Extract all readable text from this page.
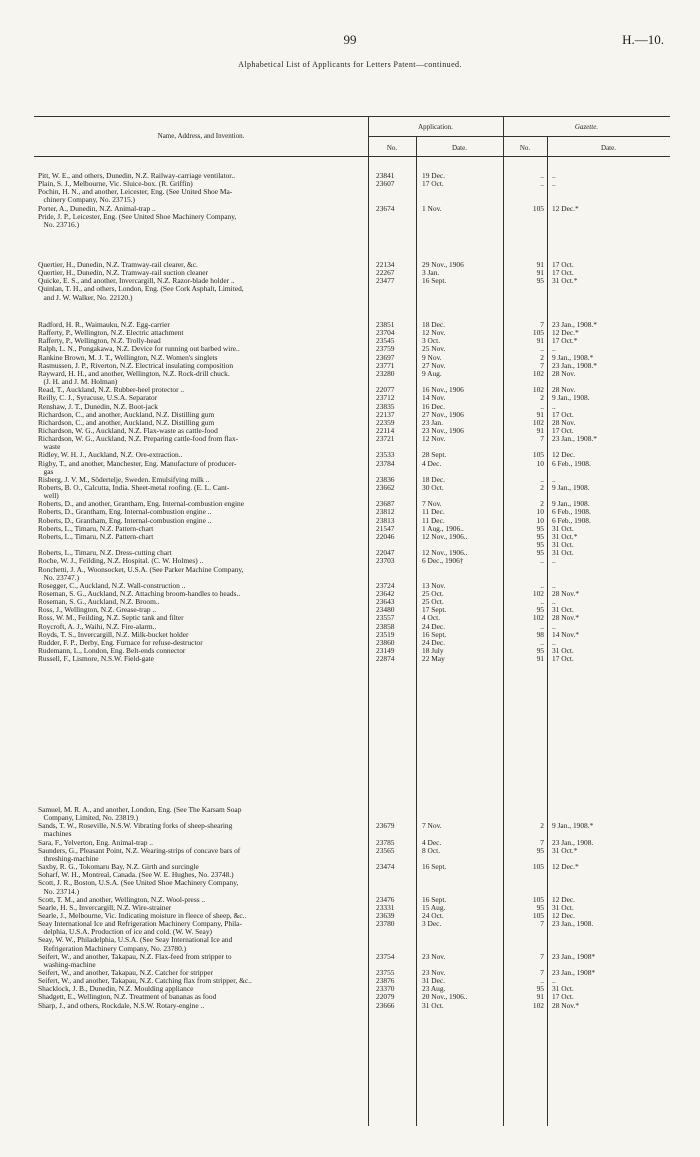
99	H.—10.
Alphabetical List of Applicants for Letters Patent—continued.
Name, Address, and Invention.
Application.	Gazette.
No.	Date.	No.	Date.
Pitt, W. E., and others, Dunedin, N.Z. Railway-carriage ventilator..	23841	19 Dec.	.. ..
Plain, S. J., Melbourne, Vic. Sluice-box. (R. Griffin)	23607	17 Oct.	.. ..
Pochin, H. N., and another, Leicester, Eng. (See United Shoe Ma-
chinery Company, No. 23715.)
Porter, A., Dunedin, N.Z. Animal-trap ..	23674	1 Nov.	105 12 Dec.*
Pride, J. P., Leicester, Eng. (See United Shoe Machinery Company,
No. 23716.)
Quertier, H., Dunedin, N.Z. Tramway-rail clearer, &c.	22134	29 Nov., 1906	91 17 Oct.
Quertier, H., Dunedin, N.Z. Tramway-rail suction cleaner	22267	3 Jan.	91 17 Oct.
Quicke, E. S., and another, Invercargill, N.Z. Razor-blade holder ..	23477	16 Sept.	95 31 Oct.*
Quinlan, T. H., and others, London, Eng. (See Cork Asphalt, Limited,
and J. W. Walker, No. 22120.)
Radford, H. R., Waimauku, N.Z. Egg-carrier	23851	18 Dec.	7 23 Jan., 1908.*
Rafferty, P., Wellington, N.Z. Electric attachment	23704	12 Nov.	105 12 Dec.*
Rafferty, P., Wellington, N.Z. Trolly-head	23545	3 Oct.	91 17 Oct.*
Ralph, L. N., Pongakawa, N.Z. Device for running out barbed wire..	23759	25 Nov.	.. ..
Rankine Brown, M. J. T., Wellington, N.Z. Women's singlets	23697	9 Nov.	2 9 Jan., 1908.*
Rasmussen, J. P., Riverton, N.Z. Electrical insulating composition	23771	27 Nov.	7 23 Jan., 1908.*
Rayward, H. H., and another, Wellington, N.Z. Rock-drill chuck.	23280	9 Aug.	102 28 Nov.
(J. H. and J. M. Holman)
Read, T., Auckland, N.Z. Rubber-heel protector ..	22077	16 Nov., 1906	102 28 Nov.
Reilly, C. J., Syracuse, U.S.A. Separator	23712	14 Nov.	2 9 Jan., 1908.
Renshaw, J. T., Dunedin, N.Z. Boot-jack	23835	16 Dec.	.. ..
Richardson, C., and another, Auckland, N.Z. Distilling gum	22137	27 Nov., 1906	91 17 Oct.
Richardson, C., and another, Auckland, N.Z. Distilling gum	22359	23 Jan.	102 28 Nov.
Richardson, W. G., Auckland, N.Z. Flax-waste as cattle-food	22114	23 Nov., 1906	91 17 Oct.
Richardson, W. G., Auckland, N.Z. Preparing cattle-food from flax-	23721	12 Nov.	7 23 Jan., 1908.*
waste
Ridley, W. H. J., Auckland, N.Z. Ore-extraction..	23533	28 Sept.	105 12 Dec.
Rigby, T., and another, Manchester, Eng. Manufacture of producer-	23784	4 Dec.	10 6 Feb., 1908.
gas
Risberg, J. V. M., Södertelje, Sweden. Emulsifying milk ..	23836	18 Dec.	.. ..
Roberts, B. O., Calcutta, India. Sheet-metal roofing. (E. L. Cant-	23662	30 Oct.	2 9 Jan., 1908.
well)
Roberts, D., and another, Grantham, Eng. Internal-combustion engine	23687	7 Nov.	2 9 Jan., 1908.
Roberts, D., Grantham, Eng. Internal-combustion engine ..	23812	11 Dec.	10 6 Feb., 1908.
Roberts, D., Grantham, Eng. Internal-combustion engine ..	23813	11 Dec.	10 6 Feb., 1908.
Roberts, L., Timaru, N.Z. Pattern-chart	21547	1 Aug., 1906..	95 31 Oct.
Roberts, L., Timaru, N.Z. Pattern-chart	22046	12 Nov., 1906..	95 31 Oct.*
95 31 Oct.
Roberts, L., Timaru, N.Z. Dress-cutting chart	22047	12 Nov., 1906..	95 31 Oct.
Roche, W. J., Feilding, N.Z. Hospital. (C. W. Holmes) ..	23703	6 Dec., 1906†	.. ..
Ronchetti, J. A., Woonsocket, U.S.A. (See Parker Machine Company,
No. 23747.)
Rosegger, C., Auckland, N.Z. Wall-construction ..	23724	13 Nov.	.. ..
Roseman, S. G., Auckland, N.Z. Attaching broom-handles to heads..	23642	25 Oct.	102 28 Nov.*
Roseman, S. G., Auckland, N.Z. Broom..	23643	25 Oct.	.. ..
Ross, J., Wellington, N.Z. Grease-trap ..	23480	17 Sept.	95 31 Oct.
Ross, W. M., Feilding, N.Z. Septic tank and filter	23557	4 Oct.	102 28 Nov.*
Roycroft, A. J., Waihi, N.Z. Fire-alarm..	23858	24 Dec.	.. ..
Royds, T. S., Invercargill, N.Z. Milk-bucket holder	23519	16 Sept.	98 14 Nov.*
Rudder, F. P., Derby, Eng. Furnace for refuse-destructor	23860	24 Dec.	.. ..
Rudemann, L., London, Eng. Belt-ends connector	23149	18 July	95 31 Oct.
Russell, F., Lismore, N.S.W. Field-gate	22874	22 May	91 17 Oct.
Samuel, M. R. A., and another, London, Eng. (See The Karsam Soap
Company, Limited, No. 23819.)
Sands, T. W., Roseville, N.S.W. Vibrating forks of sheep-shearing	23679	7 Nov.	2 9 Jan., 1908.*
machines
Sara, F., Yelverton, Eng. Animal-trap ..	23785	4 Dec.	7 23 Jan., 1908.
Saunders, G., Pleasant Point, N.Z. Wearing-strips of concave bars of	23565	8 Oct.	95 31 Oct.*
threshing-machine
Saxby, R. G., Tokomaru Bay, N.Z. Girth and surcingle	23474	16 Sept.	105 12 Dec.*
Soharf, W. H., Montreal, Canada. (See W. E. Hughes, No. 23748.)
Scott, J. R., Boston, U.S.A. (See United Shoe Machinery Company,
No. 23714.)
Scott, T. M., and another, Wellington, N.Z. Wool-press ..	23476	16 Sept.	105 12 Dec.
Searle, H. S., Invercargill, N.Z. Wire-strainer	23331	15 Aug.	95 31 Oct.
Searle, J., Melbourne, Vic. Indicating moisture in fleece of sheep, &c..	23639	24 Oct.	105 12 Dec.
Seay International Ice and Refrigeration Machinery Company, Phila-	23780	3 Dec.	7 23 Jan., 1908.
delphia, U.S.A. Production of ice and cold. (W. W. Seay)
Seay, W. W., Philadelphia, U.S.A. (See Seay International Ice and
Refrigeration Machinery Company, No. 23780.)
Seifert, W., and another, Takapau, N.Z. Flax-feed from stripper to	23754	23 Nov.	7 23 Jan., 1908*
washing-machine
Seifert, W., and another, Takapau, N.Z. Catcher for stripper	23755	23 Nov.	7 23 Jan., 1908*
Seifert, W., and another, Takapau, N.Z. Catching flax from stripper, &c..	23876	31 Dec.	.. ..
Shacklock, J. B., Dunedin, N.Z. Moulding appliance	23370	23 Aug.	95 31 Oct.
Shadgett, E., Wellington, N.Z. Treatment of bananas as food	22079	20 Nov., 1906..	91 17 Oct.
Sharp, J., and others, Rockdale, N.S.W. Rotary-engine ..	23666	31 Oct.	102 28 Nov.*
